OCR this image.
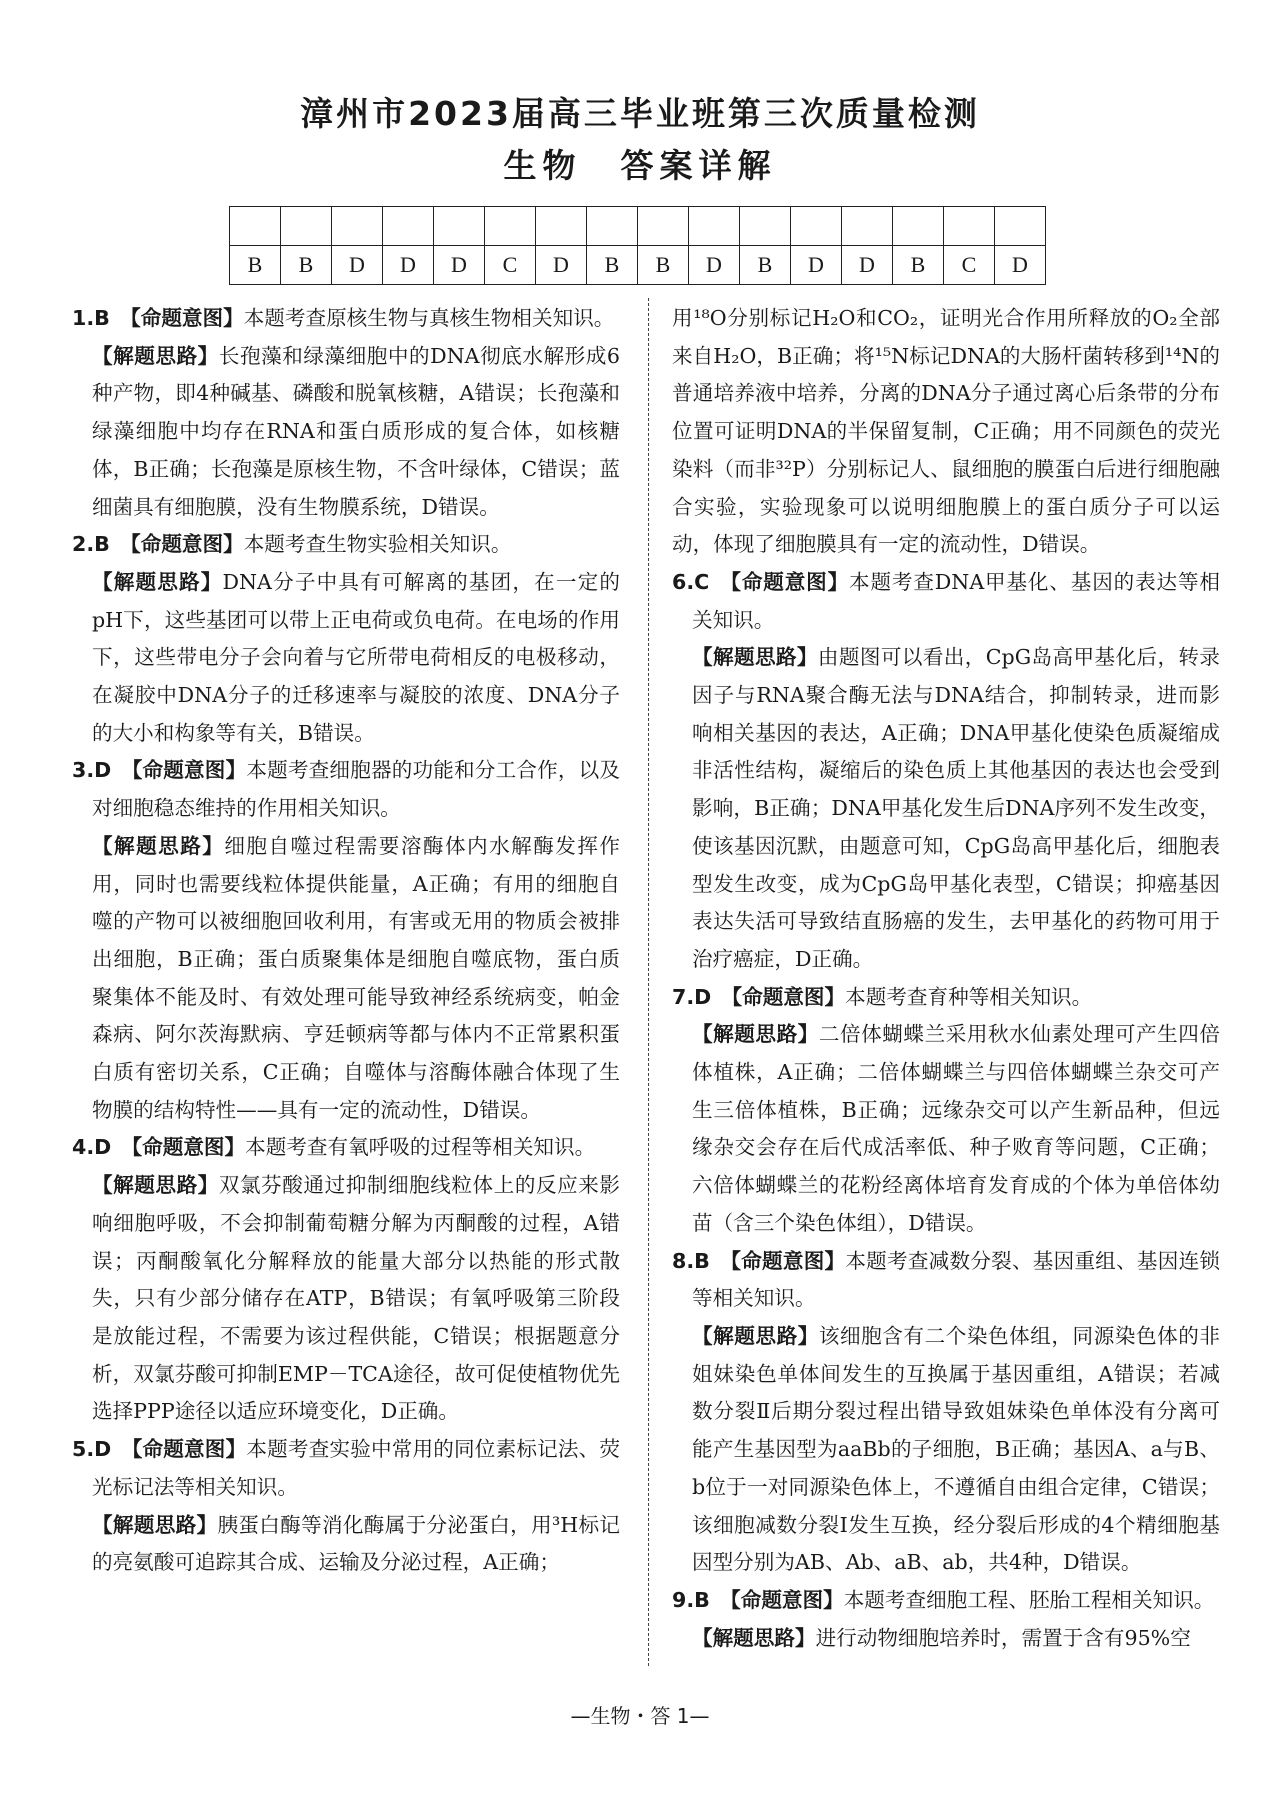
漳州市2023届高三毕业班第三次质量检测
生物　答案详解

B	B	D	D	D	C	D	B	B	D	B	D	D	B	C	D
1.B  【命题意图】本题考查原核生物与真核生物相关知识。
【解题思路】长孢藻和绿藻细胞中的DNA彻底水解形成6种产物，即4种碱基、磷酸和脱氧核糖，A错误；长孢藻和绿藻细胞中均存在RNA和蛋白质形成的复合体，如核糖体，B正确；长孢藻是原核生物，不含叶绿体，C错误；蓝细菌具有细胞膜，没有生物膜系统，D错误。
2.B  【命题意图】本题考查生物实验相关知识。
【解题思路】DNA分子中具有可解离的基团，在一定的pH下，这些基团可以带上正电荷或负电荷。在电场的作用下，这些带电分子会向着与它所带电荷相反的电极移动，在凝胶中DNA分子的迁移速率与凝胶的浓度、DNA分子的大小和构象等有关，B错误。
3.D  【命题意图】本题考查细胞器的功能和分工合作，以及对细胞稳态维持的作用相关知识。
【解题思路】细胞自噬过程需要溶酶体内水解酶发挥作用，同时也需要线粒体提供能量，A正确；有用的细胞自噬的产物可以被细胞回收利用，有害或无用的物质会被排出细胞，B正确；蛋白质聚集体是细胞自噬底物，蛋白质聚集体不能及时、有效处理可能导致神经系统病变，帕金森病、阿尔茨海默病、亨廷顿病等都与体内不正常累积蛋白质有密切关系，C正确；自噬体与溶酶体融合体现了生物膜的结构特性——具有一定的流动性，D错误。
4.D  【命题意图】本题考查有氧呼吸的过程等相关知识。
【解题思路】双氯芬酸通过抑制细胞线粒体上的反应来影响细胞呼吸，不会抑制葡萄糖分解为丙酮酸的过程，A错误；丙酮酸氧化分解释放的能量大部分以热能的形式散失，只有少部分储存在ATP，B错误；有氧呼吸第三阶段是放能过程，不需要为该过程供能，C错误；根据题意分析，双氯芬酸可抑制EMP－TCA途径，故可促使植物优先选择PPP途径以适应环境变化，D正确。
5.D  【命题意图】本题考查实验中常用的同位素标记法、荧光标记法等相关知识。
【解题思路】胰蛋白酶等消化酶属于分泌蛋白，用³H标记的亮氨酸可追踪其合成、运输及分泌过程，A正确；
用¹⁸O分别标记H₂O和CO₂，证明光合作用所释放的O₂全部来自H₂O，B正确；将¹⁵N标记DNA的大肠杆菌转移到¹⁴N的普通培养液中培养，分离的DNA分子通过离心后条带的分布位置可证明DNA的半保留复制，C正确；用不同颜色的荧光染料（而非³²P）分别标记人、鼠细胞的膜蛋白后进行细胞融合实验，实验现象可以说明细胞膜上的蛋白质分子可以运动，体现了细胞膜具有一定的流动性，D错误。
6.C  【命题意图】本题考查DNA甲基化、基因的表达等相关知识。
【解题思路】由题图可以看出，CpG岛高甲基化后，转录因子与RNA聚合酶无法与DNA结合，抑制转录，进而影响相关基因的表达，A正确；DNA甲基化使染色质凝缩成非活性结构，凝缩后的染色质上其他基因的表达也会受到影响，B正确；DNA甲基化发生后DNA序列不发生改变，使该基因沉默，由题意可知，CpG岛高甲基化后，细胞表型发生改变，成为CpG岛甲基化表型，C错误；抑癌基因表达失活可导致结直肠癌的发生，去甲基化的药物可用于治疗癌症，D正确。
7.D  【命题意图】本题考查育种等相关知识。
【解题思路】二倍体蝴蝶兰采用秋水仙素处理可产生四倍体植株，A正确；二倍体蝴蝶兰与四倍体蝴蝶兰杂交可产生三倍体植株，B正确；远缘杂交可以产生新品种，但远缘杂交会存在后代成活率低、种子败育等问题，C正确；六倍体蝴蝶兰的花粉经离体培育发育成的个体为单倍体幼苗（含三个染色体组），D错误。
8.B  【命题意图】本题考查减数分裂、基因重组、基因连锁等相关知识。
【解题思路】该细胞含有二个染色体组，同源染色体的非姐妹染色单体间发生的互换属于基因重组，A错误；若减数分裂Ⅱ后期分裂过程出错导致姐妹染色单体没有分离可能产生基因型为aaBb的子细胞，B正确；基因A、a与B、b位于一对同源染色体上，不遵循自由组合定律，C错误；该细胞减数分裂Ⅰ发生互换，经分裂后形成的4个精细胞基因型分别为AB、Ab、aB、ab，共4种，D错误。
9.B  【命题意图】本题考查细胞工程、胚胎工程相关知识。
【解题思路】进行动物细胞培养时，需置于含有95%空
—生物・答 1—
